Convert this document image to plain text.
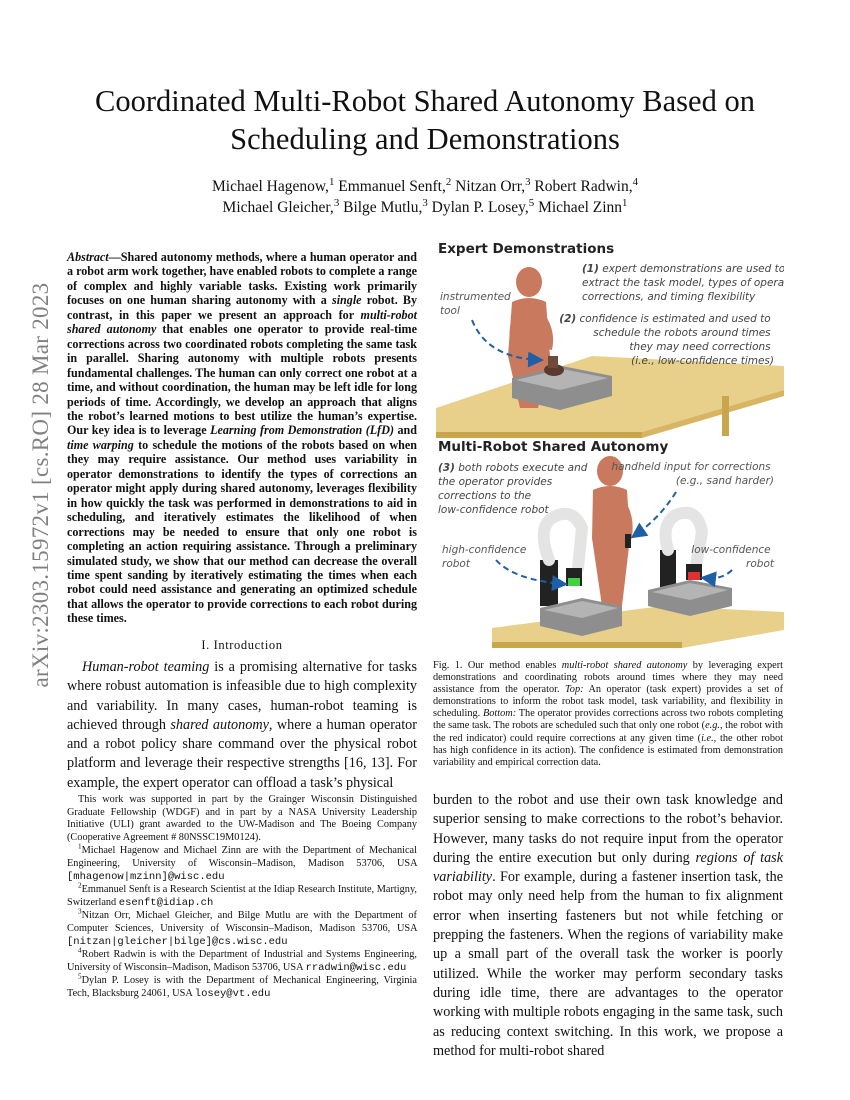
Coordinated Multi-Robot Shared Autonomy Based on Scheduling and Demonstrations
Michael Hagenow,$^1$ Emmanuel Senft,$^2$ Nitzan Orr,$^3$ Robert Radwin,$^4$
Michael Gleicher,$^3$ Bilge Mutlu,$^3$ Dylan P. Losey,$^5$ Michael Zinn$^1$
arXiv:2303.15972v1 [cs.RO] 28 Mar 2023
Abstract—Shared autonomy methods, where a human operator and a robot arm work together, have enabled robots to complete a range of complex and highly variable tasks. Existing work primarily focuses on one human sharing autonomy with a single robot. By contrast, in this paper we present an approach for multi-robot shared autonomy that enables one operator to provide real-time corrections across two coordinated robots completing the same task in parallel. Sharing autonomy with multiple robots presents fundamental challenges. The human can only correct one robot at a time, and without coordination, the human may be left idle for long periods of time. Accordingly, we develop an approach that aligns the robot’s learned motions to best utilize the human’s expertise. Our key idea is to leverage Learning from Demonstration (LfD) and time warping to schedule the motions of the robots based on when they may require assistance. Our method uses variability in operator demonstrations to identify the types of corrections an operator might apply during shared autonomy, leverages flexibility in how quickly the task was performed in demonstrations to aid in scheduling, and iteratively estimates the likelihood of when corrections may be needed to ensure that only one robot is completing an action requiring assistance. Through a preliminary simulated study, we show that our method can decrease the overall time spent sanding by iteratively estimating the times when each robot could need assistance and generating an optimized schedule that allows the operator to provide corrections to each robot during these times.
I. Introduction

Human-robot teaming is a promising alternative for tasks where robust automation is infeasible due to high complexity and variability. In many cases, human-robot teaming is achieved through shared autonomy, where a human operator and a robot policy share command over the physical robot platform and leverage their respective strengths [16, 13]. For example, the expert operator can offload a task’s physical

This work was supported in part by the Grainger Wisconsin Distinguished Graduate Fellowship (WDGF) and in part by a NASA University Leadership Initiative (ULI) grant awarded to the UW-Madison and The Boeing Company (Cooperative Agreement # 80NSSC19M0124).

$^1$Michael Hagenow and Michael Zinn are with the Department of Mechanical Engineering, University of Wisconsin–Madison, Madison 53706, USA [mhagenow|mzinn]@wisc.edu

$^2$Emmanuel Senft is a Research Scientist at the Idiap Research Institute, Martigny, Switzerland esenft@idiap.ch

$^3$Nitzan Orr, Michael Gleicher, and Bilge Mutlu are with the Department of Computer Sciences, University of Wisconsin–Madison, Madison 53706, USA [nitzan|gleicher|bilge]@cs.wisc.edu

$^4$Robert Radwin is with the Department of Industrial and Systems Engineering, University of Wisconsin–Madison, Madison 53706, USA rradwin@wisc.edu

$^5$Dylan P. Losey is with the Department of Mechanical Engineering, Virginia Tech, Blacksburg 24061, USA losey@vt.edu

Expert Demonstrations
instrumented tool
(1) expert demonstrations are used to extract the task model, types of operator corrections, and timing flexibility
(2) confidence is estimated and used to schedule the robots around times they may need corrections (i.e., low-confidence times)
Multi-Robot Shared Autonomy
(3) both robots execute and the operator provides corrections to the low-confidence robot
handheld input for corrections (e.g., sand harder)
high-confidence robot
low-confidence robot
Fig. 1. Our method enables multi-robot shared autonomy by leveraging expert demonstrations and coordinating robots around times where they may need assistance from the operator. Top: An operator (task expert) provides a set of demonstrations to inform the robot task model, task variability, and flexibility in scheduling. Bottom: The operator provides corrections across two robots completing the same task. The robots are scheduled such that only one robot (e.g., the robot with the red indicator) could require corrections at any given time (i.e., the other robot has high confidence in its action). The confidence is estimated from demonstration variability and empirical correction data.

burden to the robot and use their own task knowledge and superior sensing to make corrections to the robot’s behavior. However, many tasks do not require input from the operator during the entire execution but only during regions of task variability. For example, during a fastener insertion task, the robot may only need help from the human to fix alignment error when inserting fasteners but not while fetching or prepping the fasteners. When the regions of variability make up a small part of the overall task the worker is poorly utilized. While the worker may perform secondary tasks during idle time, there are advantages to the operator working with multiple robots engaging in the same task, such as reducing context switching. In this work, we propose a method for multi-robot shared
